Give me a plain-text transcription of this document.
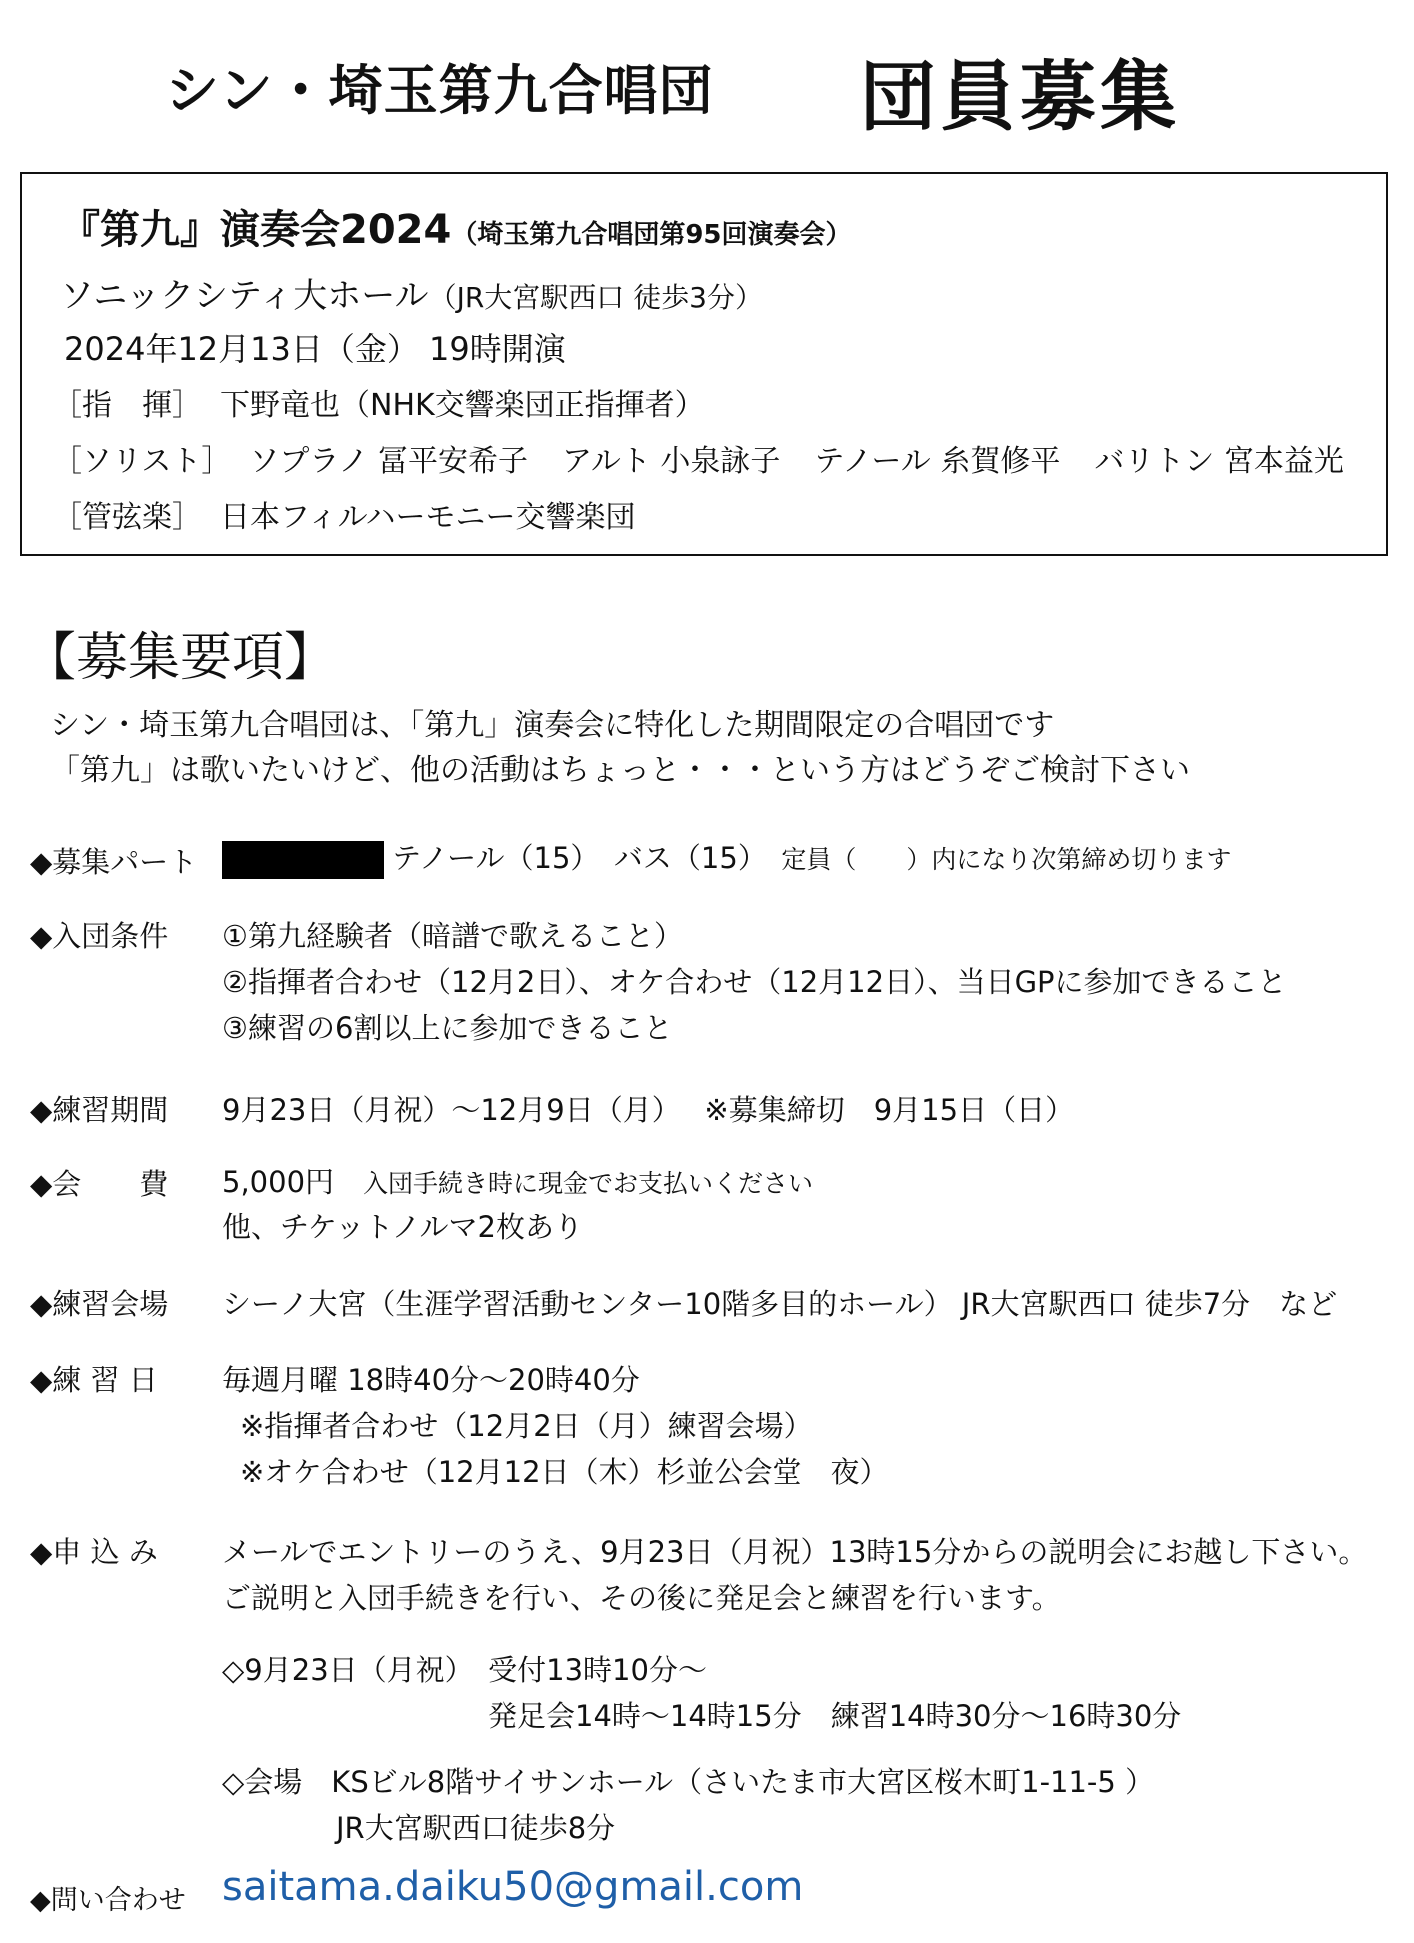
シン・埼玉第九合唱団 団員募集
『第九』演奏会2024（埼玉第九合唱団第95回演奏会）
ソニックシティ大ホール（JR大宮駅西口 徒歩3分）
2024年12月13日（金） 19時開演
［指　揮］ 下野竜也（NHK交響楽団正指揮者）
［ソリスト］ ソプラノ 冨平安希子 アルト 小泉詠子 テノール 糸賀修平 バリトン 宮本益光
［管弦楽］ 日本フィルハーモニー交響楽団
【募集要項】
シン・埼玉第九合唱団は、「第九」演奏会に特化した期間限定の合唱団です
「第九」は歌いたいけど、他の活動はちょっと・・・という方はどうぞご検討下さい
◆募集パート	テノール（15）　バス（15）　 定員（　　）内になり次第締め切ります
◆入団条件 ①第九経験者（暗譜で歌えること）
②指揮者合わせ（12月2日）、オケ合わせ（12月12日）、当日GPに参加できること
③練習の6割以上に参加できること
◆練習期間 9月23日（月祝）～12月9日（月）　 ※募集締切　9月15日（日）
◆会　　費 5,000円　 入団手続き時に現金でお支払いください
他、チケットノルマ2枚あり
◆練習会場 シーノ大宮（生涯学習活動センター10階多目的ホール） JR大宮駅西口 徒歩7分　など
◆練 習 日 毎週月曜 18時40分～20時40分
※指揮者合わせ（12月2日（月）練習会場）
※オケ合わせ（12月12日（木）杉並公会堂　夜）
◆申 込 み メールでエントリーのうえ、9月23日（月祝）13時15分からの説明会にお越し下さい。
ご説明と入団手続きを行い、その後に発足会と練習を行います。
◇9月23日（月祝）　受付13時10分～
発足会14時～14時15分　練習14時30分～16時30分
◇会場　KSビル8階サイサンホール（さいたま市大宮区桜木町1-11-5 ）
JR大宮駅西口徒歩8分
◆問い合わせ saitama.daiku50@gmail.com
